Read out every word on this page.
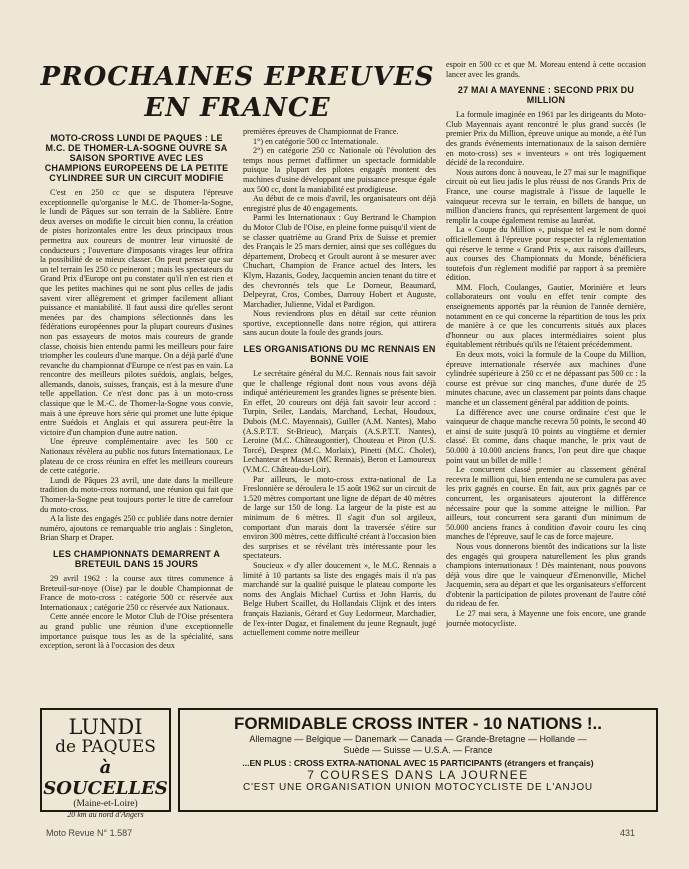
PROCHAINES EPREUVES
EN FRANCE
MOTO-CROSS LUNDI DE PAQUES : LE M.C. DE THOMER-LA-SOGNE OUVRE SA SAISON SPORTIVE AVEC LES CHAMPIONS EUROPEENS DE LA PETITE CYLINDREE SUR UN CIRCUIT MODIFIE

C'est en 250 cc que se disputera l'épreuve exceptionnelle qu'organise le M.C. de Thomer-la-Sogne, le lundi de Pâques sur son terrain de la Sablière. Entre deux averses on modifie le circuit bien connu, la création de pistes horizontales entre les deux principaux trous permettra aux coureurs de montrer leur virtuosité de conducteurs ; l'ouverture d'imposants virages leur offrira la possibilité de se mieux classer. On peut penser que sur un tel terrain les 250 cc peineront ; mais les spectateurs du Grand Prix d'Europe ont pu constater qu'il n'en est rien et que les petites machines qui ne sont plus celles de jadis savent virer allègrement et grimper facilement alliant puissance et maniabilité. Il faut aussi dire qu'elles seront menées par des champions sélectionnés dans les fédérations européennes pour la plupart coureurs d'usines non pas essayeurs de motos mais coureurs de grande classe, choisis bien entendu parmi les meilleurs pour faire triompher les couleurs d'une marque. On a déjà parlé d'une revanche du championnat d'Europe ce n'est pas en vain. La rencontre des meilleurs pilotes suédois, anglais, belges, allemands, danois, suisses, français, est à la mesure d'une telle appellation. Ce n'est donc pas à un moto-cross classique que le M.-C. de Thomer-la-Sogne vous convie, mais à une épreuve hors série qui promet une lutte épique entre Suédois et Anglais et qui assurera peut-être la victoire d'un champion d'une autre nation.

Une épreuve complémentaire avec les 500 cc Nationaux révèlera au public nos futurs Internationaux. Le plateau de ce cross réunira en effet les meilleurs coureurs de cette catégorie.

Lundi de Pâques 23 avril, une date dans la meilleure tradition du moto-cross normand, une réunion qui fait que Thomer-la-Sogne peut toujours porter le titre de carrefour du moto-cross.

A la liste des engagés 250 cc publiée dans notre dernier numéro, ajoutons ce remarquable trio anglais : Singleton, Brian Sharp et Draper.

LES CHAMPIONNATS DEMARRENT A BRETEUIL DANS 15 JOURS

29 avril 1962 : la course aux titres commence à Breteuil-sur-noye (Oise) par le double Championnat de France de moto-cross : catégorie 500 cc réservée aux Internationaux ; catégorie 250 cc réservée aux Nationaux.

Cette année encore le Motor Club de l'Oise présentera au grand public une réunion d'une exceptionnelle importance puisque tous les as de la spécialité, sans exception, seront là à l'occasion des deux

premières épreuves de Championnat de France.

1°) en catégorie 500 cc Internationale.

2°) en catégorie 250 cc Nationale où l'évolution des temps nous permet d'affirmer un spectacle formidable puisque la plupart des pilotes engagés montent des machines d'usine développant une puissance presque égale aux 500 cc, dont la maniabilité est prodigieuse.

Au début de ce mois d'avril, les organisateurs ont déjà enregistré plus de 40 engagements.

Parmi les Internationaux : Guy Bertrand le Champion du Motor Club de l'Oise, en pleine forme puisqu'il vient de se classer quatrième au Grand Prix de Suisse et premier des Français le 25 mars dernier, ainsi que ses collègues du département, Drobecq et Groult auront à se mesurer avec Chuchart, Champion de France actuel des Inters, les Klym, Hazanis, Godey, Jacquemin ancien tenant du titre et des chevronnés tels que Le Dorneur, Beaumard, Delpeyrat, Cros, Combes, Darrouy Hobert et Auguste, Marchadier, Julienne, Vidal et Pardigon.

Nous reviendrons plus en détail sur cette réunion sportive, exceptionnelle dans notre région, qui attirera sans aucun doute la foule des grands jours.

LES ORGANISATIONS DU MC RENNAIS EN BONNE VOIE

Le secrétaire général du M.C. Rennais nous fait savoir que le challenge régional dont nous vous avons déjà indiqué antérieurement les grandes lignes se présente bien. En effet, 20 coureurs ont déjà fait savoir leur accord : Turpin, Seiler, Landais, Marchand, Lechat, Houdoux, Dubois (M.C. Mayennais), Guiller (A.M. Nantes), Mabo (A.S.P.T.T. St-Brieuc), Marçais (A.S.P.T.T. Nantes), Leroine (M.C. Châteaugontier), Chouteau et Piron (U.S. Torcé), Desprez (M.C. Morlaix), Pinetti (M.C. Cholet), Lechanteur et Masset (MC Rennais), Beron et Lamoureux (V.M.C. Château-du-Loir).

Par ailleurs, le moto-cross extra-national de La Freslonnière se déroulera le 15 août 1962 sur un circuit de 1.520 mètres comportant une ligne de départ de 40 mètres de large sur 150 de long. La largeur de la piste est au minimum de 6 mètres. Il s'agit d'un sol argileux, comportant d'un marais dont la traversée s'étire sur environ 300 mètres, cette difficulté créant à l'occasion bien des surprises et se révélant très intéressante pour les spectateurs.

Soucieux « d'y aller doucement », le M.C. Rennais a limité à 10 partants sa liste des engagés mais il n'a pas marchandé sur la qualité puisque le plateau comporte les noms des Anglais Michael Curtiss et John Harris, du Belge Hubert Scaillet, du Hollandais Clijnk et des inters français Hazianis, Gérard et Guy Ledormeur, Marchadier, de l'ex-inter Dugaz, et finalement du jeune Regnault, jugé actuellement comme notre meilleur

espoir en 500 cc et que M. Moreau entend à cette occasion lancer avec les grands.

27 MAI A MAYENNE : SECOND PRIX DU MILLION

La formule imaginée en 1961 par les dirigeants du Moto-Club Mayennais ayant rencontré le plus grand succès (le premier Prix du Million, épreuve unique au monde, a été l'un des grands événements internationaux de la saison dernière en moto-cross) ses « inventeurs » ont très logiquement décidé de la reconduire.

Nous aurons donc à nouveau, le 27 mai sur le magnifique circuit où eut lieu jadis le plus réussi de nos Grands Prix de France, une course magistrale à l'issue de laquelle le vainqueur recevra sur le terrain, en billets de banque, un million d'anciens francs, qui représentent largement de quoi remplir la coupe également remise au lauréat.

La « Coupe du Million », puisque tel est le nom donné officiellement à l'épreuve pour respecter la réglementation qui réserve le terme « Grand Prix », aux raisons d'ailleurs, aux courses des Championnats du Monde, bénéficiera toutefois d'un règlement modifié par rapport à sa première édition.

MM. Floch, Coulanges, Gautier, Morinière et leurs collaborateurs ont voulu en effet tenir compte des enseignements apportés par la réunion de l'année dernière, notamment en ce qui concerne la répartition de tous les prix de manière à ce que les concurrents situés aux places d'honneur ou aux places intermédiaires soient plus équitablement rétribués qu'ils ne l'étaient précédemment.

En deux mots, voici la formule de la Coupe du Million, épreuve internationale réservée aux machines d'une cylindrée supérieure à 250 cc et ne dépassant pas 500 cc : la course est prévue sur cinq manches, d'une durée de 25 minutes chacune, avec un classement par points dans chaque manche et un classement général par addition de points.

La différence avec une course ordinaire c'est que le vainqueur de chaque manche recevra 50 points, le second 40 et ainsi de suite jusqu'à 10 points au vingtième et dernier classé. Et comme, dans chaque manche, le prix vaut de 50.000 à 10.000 anciens francs, l'on peut dire que chaque point vaut un billet de mille !

Le concurrent classé premier au classement général recevra le million qui, bien entendu ne se cumulera pas avec les prix gagnés en course. En fait, aux prix gagnés par ce concurrent, les organisateurs ajouteront la différence nécessaire pour que la somme atteigne le million. Par ailleurs, tout concurrent sera garanti d'un minimum de 50.000 anciens francs à condition d'avoir couru les cinq manches de l'épreuve, sauf le cas de force majeure.

Nous vous donnerons bientôt des indications sur la liste des engagés qui groupera naturellement les plus grands champions internationaux ! Dès maintenant, nous pouvons déjà vous dire que le vainqueur d'Ernenonville, Michel Jacquemin, sera au départ et que les organisateurs s'efforcent d'obtenir la participation de pilotes provenant de l'autre côté du rideau de fer.

Le 27 mai sera, à Mayenne une fois encore, une grande journée motocycliste.

LUNDI
de PAQUES
à SOUCELLES
(Maine-et-Loire)
20 km au nord d'Angers
FORMIDABLE CROSS INTER - 10 NATIONS !..
Allemagne — Belgique — Danemark — Canada — Grande-Bretagne — Hollande —
Suède — Suisse — U.S.A. — France
...EN PLUS : CROSS EXTRA-NATIONAL AVEC 15 PARTICIPANTS (étrangers et français)
7 COURSES DANS LA JOURNEE
C'EST UNE ORGANISATION UNION MOTOCYCLISTE DE L'ANJOU
Moto Revue N° 1.587	431
